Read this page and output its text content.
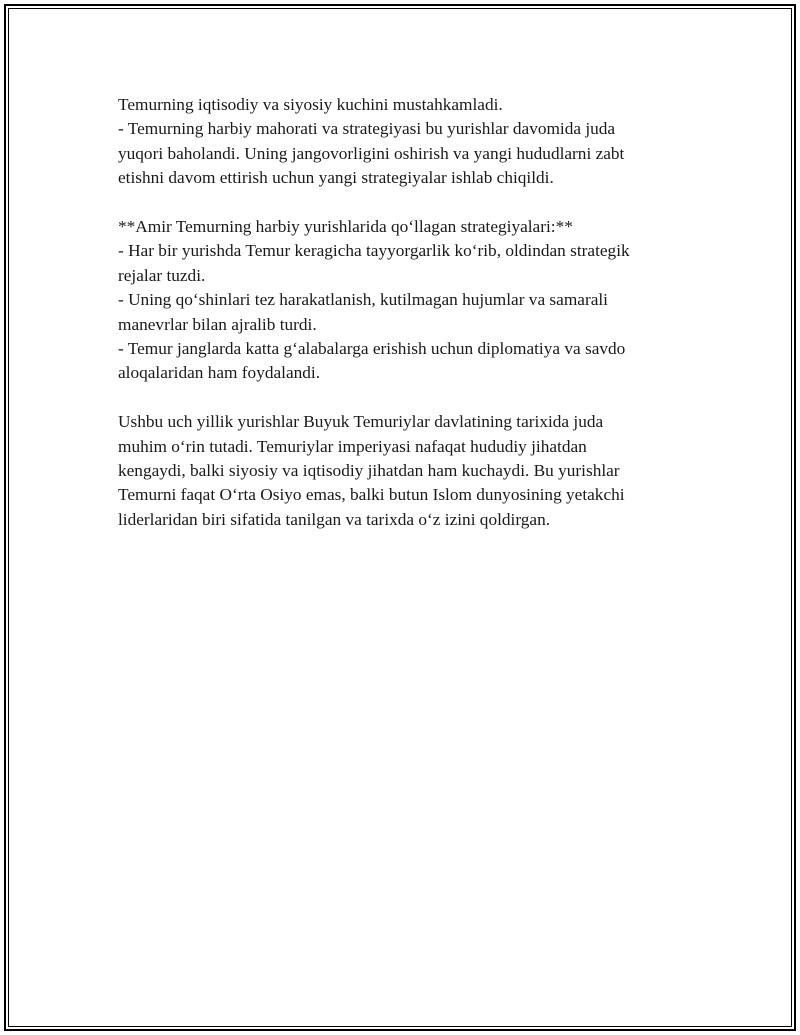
Temurning iqtisodiy va siyosiy kuchini mustahkamladi.
- Temurning harbiy mahorati va strategiyasi bu yurishlar davomida juda
yuqori baholandi. Uning jangovorligini oshirish va yangi hududlarni zabt
etishni davom ettirish uchun yangi strategiyalar ishlab chiqildi.
**Amir Temurning harbiy yurishlarida qo‘llagan strategiyalari:**
- Har bir yurishda Temur keragicha tayyorgarlik ko‘rib, oldindan strategik
rejalar tuzdi.
- Uning qo‘shinlari tez harakatlanish, kutilmagan hujumlar va samarali
manevrlar bilan ajralib turdi.
- Temur janglarda katta g‘alabalarga erishish uchun diplomatiya va savdo
aloqalaridan ham foydalandi.
Ushbu uch yillik yurishlar Buyuk Temuriylar davlatining tarixida juda
muhim o‘rin tutadi. Temuriylar imperiyasi nafaqat hududiy jihatdan
kengaydi, balki siyosiy va iqtisodiy jihatdan ham kuchaydi. Bu yurishlar
Temurni faqat O‘rta Osiyo emas, balki butun Islom dunyosining yetakchi
liderlaridan biri sifatida tanilgan va tarixda o‘z izini qoldirgan.
